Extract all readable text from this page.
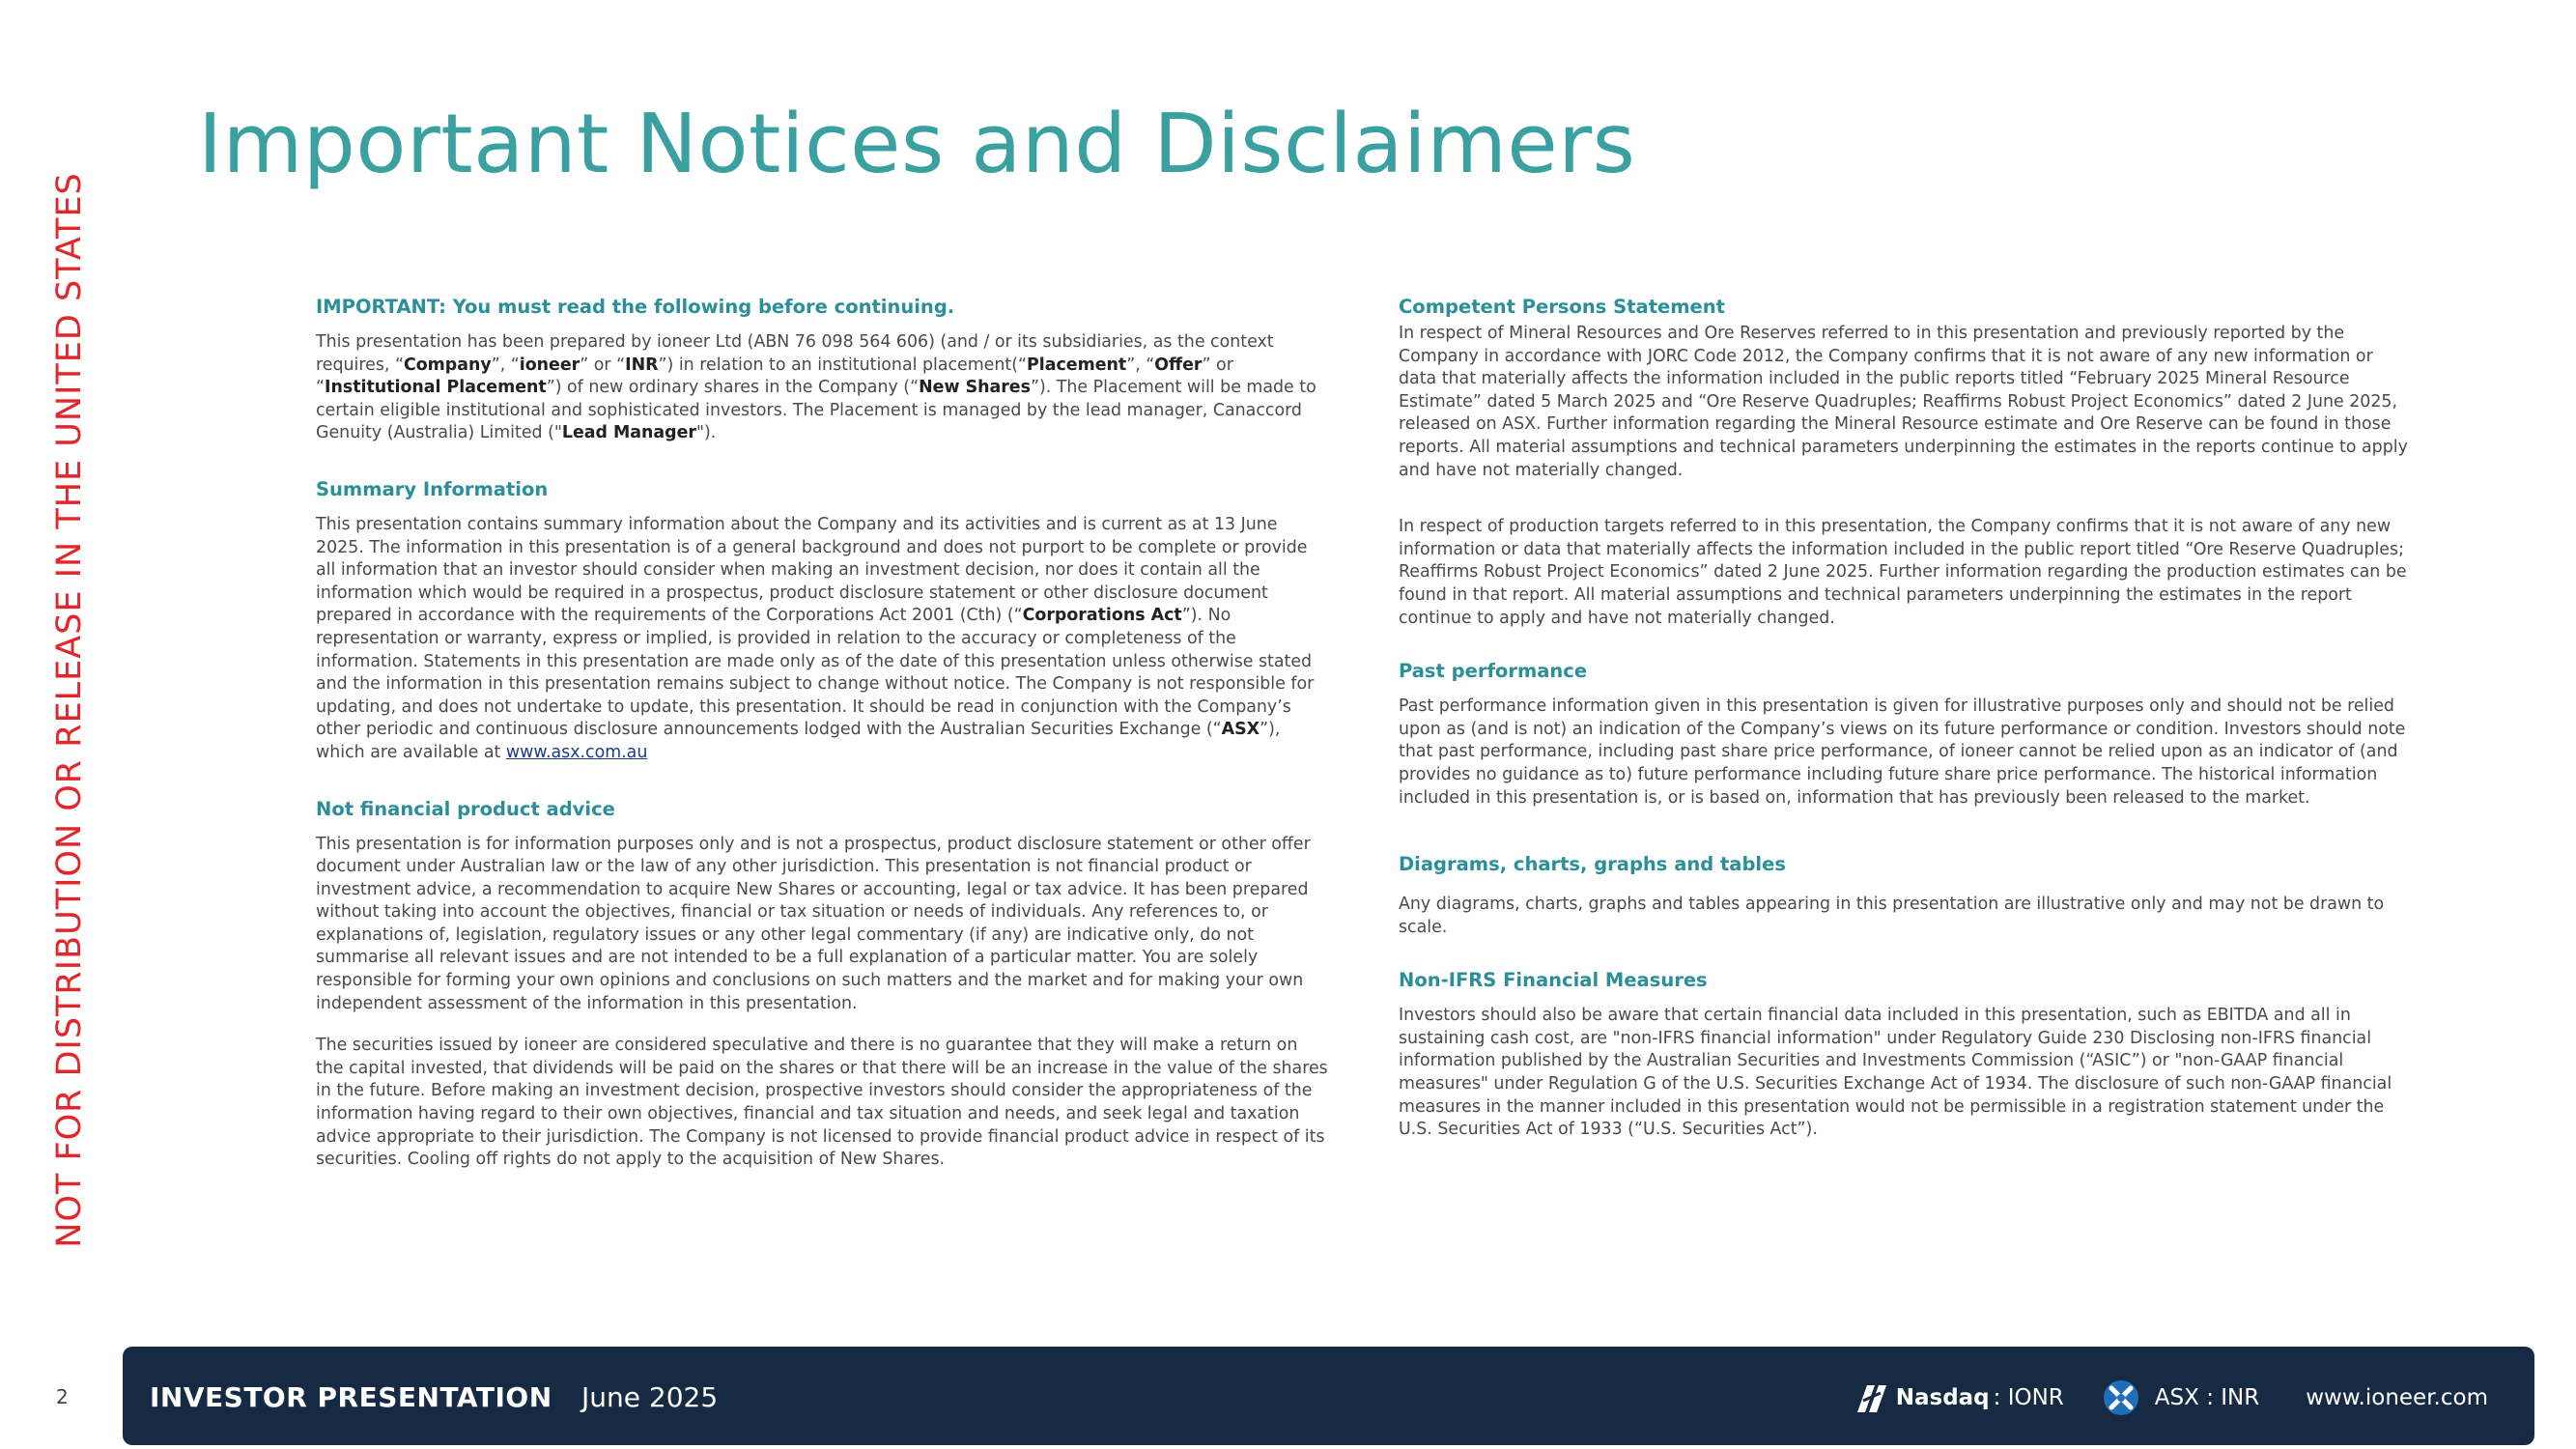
NOT FOR DISTRIBUTION OR RELEASE IN THE UNITED STATES
Important Notices and Disclaimers
IMPORTANT: You must read the following before continuing.

This presentation has been prepared by ioneer Ltd (ABN 76 098 564 606) (and / or its subsidiaries, as the context requires, “Company”, “ioneer” or “INR”) in relation to an institutional placement(“Placement”, “Offer” or “Institutional Placement”) of new ordinary shares in the Company (“New Shares”). The Placement will be made to certain eligible institutional and sophisticated investors. The Placement is managed by the lead manager, Canaccord Genuity (Australia) Limited ("Lead Manager").

Summary Information

This presentation contains summary information about the Company and its activities and is current as at 13 June 2025. The information in this presentation is of a general background and does not purport to be complete or provide all information that an investor should consider when making an investment decision, nor does it contain all the information which would be required in a prospectus, product disclosure statement or other disclosure document prepared in accordance with the requirements of the Corporations Act 2001 (Cth) (“Corporations Act”). No representation or warranty, express or implied, is provided in relation to the accuracy or completeness of the information. Statements in this presentation are made only as of the date of this presentation unless otherwise stated and the information in this presentation remains subject to change without notice. The Company is not responsible for updating, and does not undertake to update, this presentation. It should be read in conjunction with the Company’s other periodic and continuous disclosure announcements lodged with the Australian Securities Exchange (“ASX”), which are available at www.asx.com.au

Not financial product advice

This presentation is for information purposes only and is not a prospectus, product disclosure statement or other offer document under Australian law or the law of any other jurisdiction. This presentation is not financial product or investment advice, a recommendation to acquire New Shares or accounting, legal or tax advice. It has been prepared without taking into account the objectives, financial or tax situation or needs of individuals. Any references to, or explanations of, legislation, regulatory issues or any other legal commentary (if any) are indicative only, do not summarise all relevant issues and are not intended to be a full explanation of a particular matter. You are solely responsible for forming your own opinions and conclusions on such matters and the market and for making your own independent assessment of the information in this presentation.

The securities issued by ioneer are considered speculative and there is no guarantee that they will make a return on the capital invested, that dividends will be paid on the shares or that there will be an increase in the value of the shares in the future. Before making an investment decision, prospective investors should consider the appropriateness of the information having regard to their own objectives, financial and tax situation and needs, and seek legal and taxation advice appropriate to their jurisdiction. The Company is not licensed to provide financial product advice in respect of its securities. Cooling off rights do not apply to the acquisition of New Shares.

Competent Persons Statement

In respect of Mineral Resources and Ore Reserves referred to in this presentation and previously reported by the Company in accordance with JORC Code 2012, the Company confirms that it is not aware of any new information or data that materially affects the information included in the public reports titled “February 2025 Mineral Resource Estimate” dated 5 March 2025 and “Ore Reserve Quadruples; Reaffirms Robust Project Economics” dated 2 June 2025, released on ASX. Further information regarding the Mineral Resource estimate and Ore Reserve can be found in those reports. All material assumptions and technical parameters underpinning the estimates in the reports continue to apply and have not materially changed.

In respect of production targets referred to in this presentation, the Company confirms that it is not aware of any new information or data that materially affects the information included in the public report titled “Ore Reserve Quadruples; Reaffirms Robust Project Economics” dated 2 June 2025. Further information regarding the production estimates can be found in that report. All material assumptions and technical parameters underpinning the estimates in the report continue to apply and have not materially changed.

Past performance

Past performance information given in this presentation is given for illustrative purposes only and should not be relied upon as (and is not) an indication of the Company’s views on its future performance or condition. Investors should note that past performance, including past share price performance, of ioneer cannot be relied upon as an indicator of (and provides no guidance as to) future performance including future share price performance. The historical information included in this presentation is, or is based on, information that has previously been released to the market.

Diagrams, charts, graphs and tables

Any diagrams, charts, graphs and tables appearing in this presentation are illustrative only and may not be drawn to scale.

Non-IFRS Financial Measures

Investors should also be aware that certain financial data included in this presentation, such as EBITDA and all in sustaining cash cost, are "non-IFRS financial information" under Regulatory Guide 230 Disclosing non-IFRS financial information published by the Australian Securities and Investments Commission (“ASIC”) or "non-GAAP financial measures" under Regulation G of the U.S. Securities Exchange Act of 1934. The disclosure of such non-GAAP financial measures in the manner included in this presentation would not be permissible in a registration statement under the U.S. Securities Act of 1933 (“U.S. Securities Act”).

2	INVESTOR PRESENTATION June 2025	Nasdaq : IONR	ASX : INR www.ioneer.com
